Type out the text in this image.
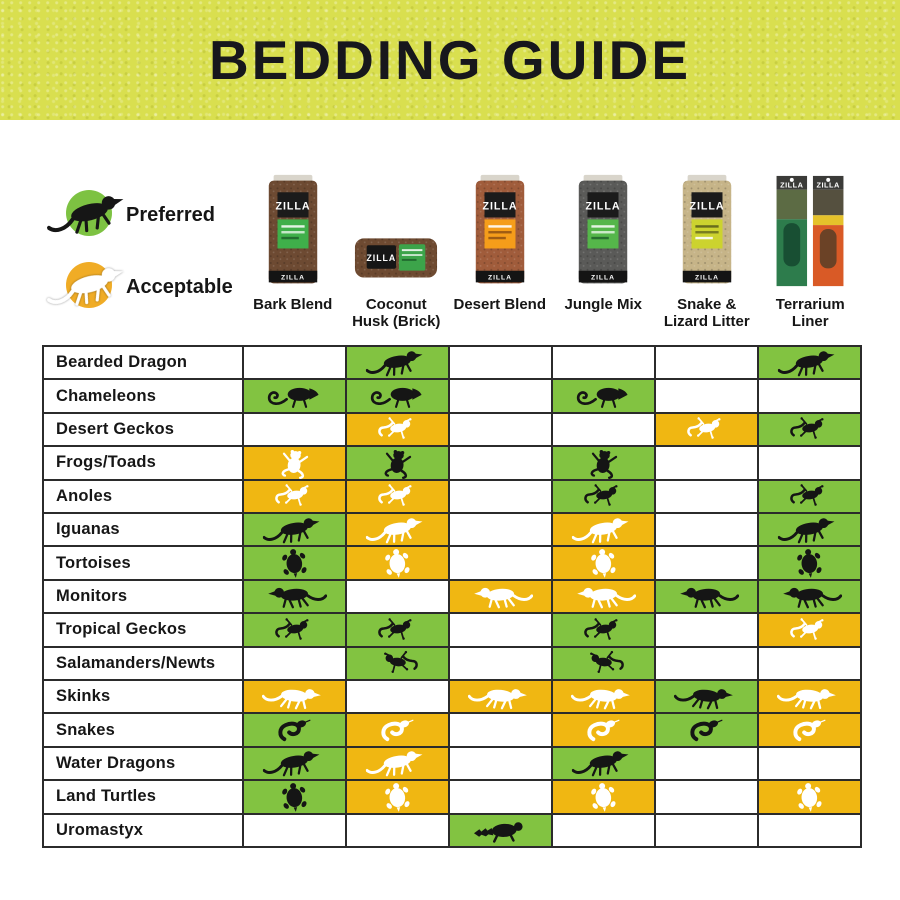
BEDDING GUIDE
Preferred
Acceptable
ZILLA
ZILLA
Bark Blend
ZILLA
Coconut Husk (Brick)
ZILLA
ZILLA
Desert Blend
ZILLA
ZILLA
Jungle Mix
ZILLA
ZILLA
Snake & Lizard Litter
ZILLA ZILLA
Terrarium Liner
Bearded Dragon
Chameleons
Desert Geckos
Frogs/Toads
Anoles
Iguanas
Tortoises
Monitors
Tropical Geckos
Salamanders/Newts
Skinks
Snakes
Water Dragons
Land Turtles
Uromastyx
